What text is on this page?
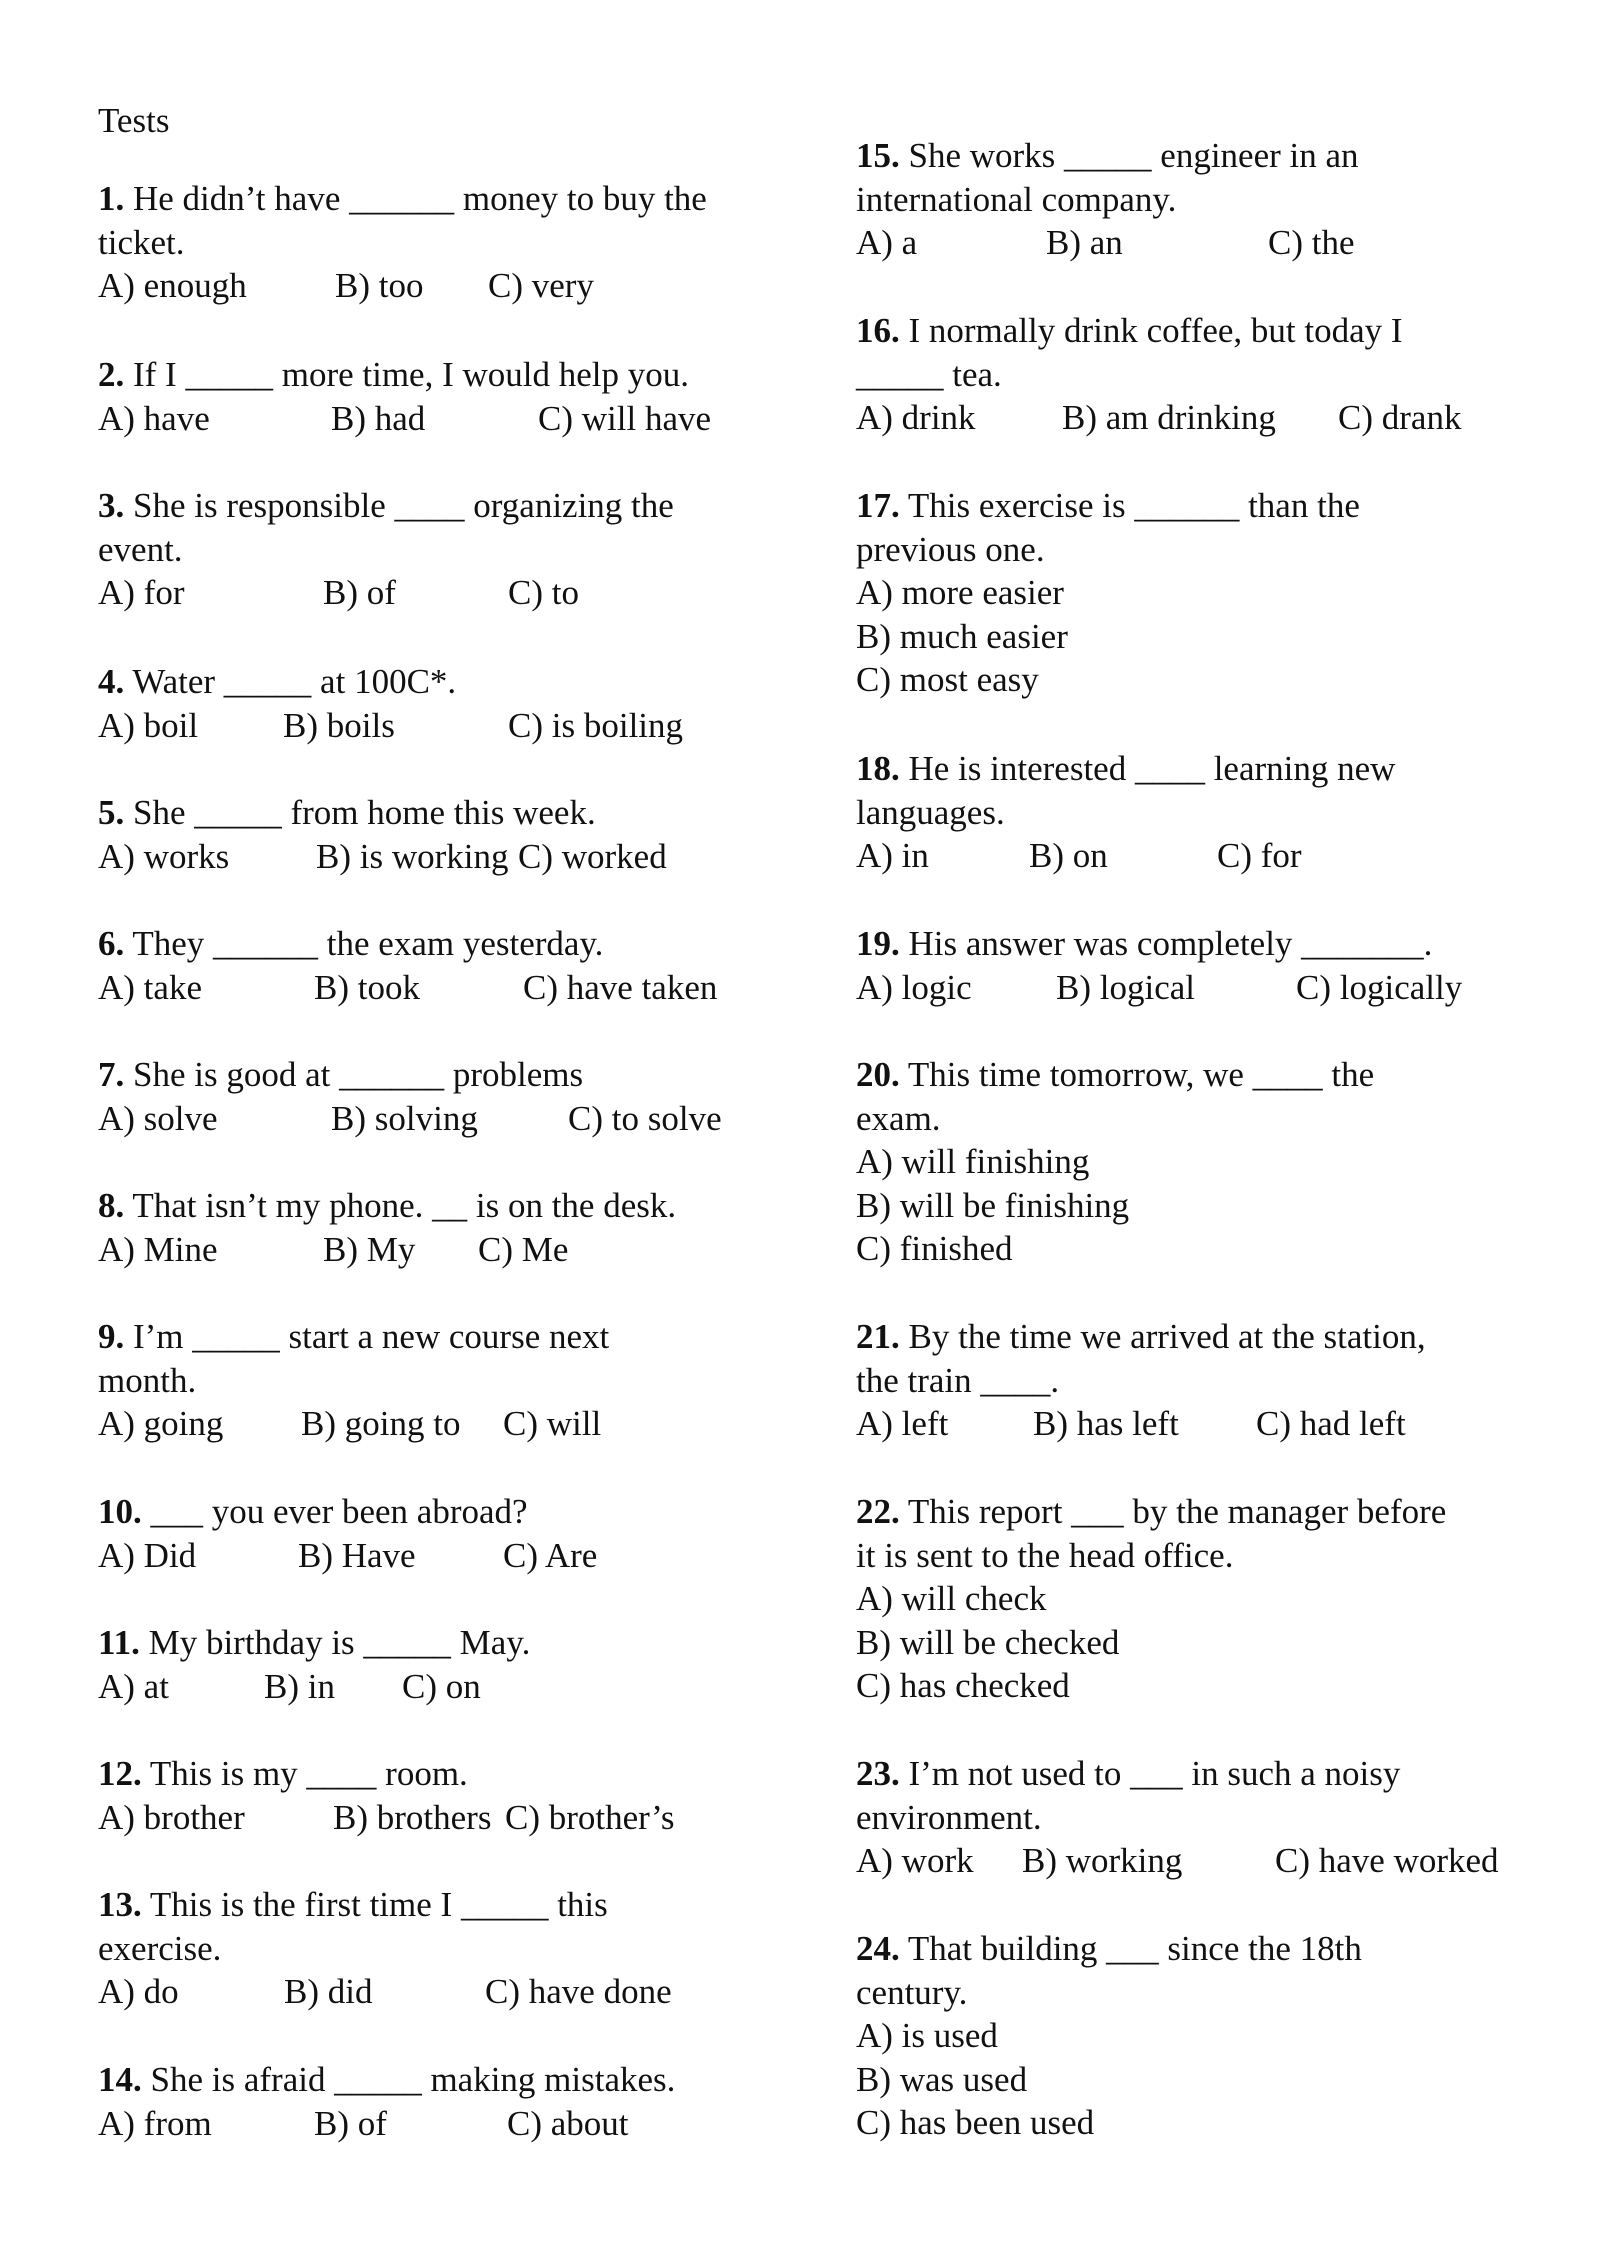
Tests

1. He didn’t have ______ money to buy the

ticket.

A) enough	B) too C) very

2. If I _____ more time, I would help you.

A) have	B) had	C) will have

3. She is responsible ____ organizing the

event.

A) for	B) of	C) to

4. Water _____ at 100C*.

A) boil B) boils	C) is boiling

5. She _____ from home this week.

A) works B) is working C) worked

6. They ______ the exam yesterday.

A) take	B) took	C) have taken

7. She is good at ______ problems

A) solve	B) solving	C) to solve

8. That isn’t my phone. __ is on the desk.

A) Mine	B) My C) Me

9. I’m _____ start a new course next

month.

A) going B) going to C) will

10. ___ you ever been abroad?

A) Did	B) Have C) Are

11. My birthday is _____ May.

A) at	B) in C) on

12. This is my ____ room.

A) brother	B) brothers C) brother’s

13. This is the first time I _____ this

exercise.

A) do	B) did	C) have done

14. She is afraid _____ making mistakes.

A) from	B) of	C) about

15. She works _____ engineer in an

international company.

A) a	B) an	C) the

16. I normally drink coffee, but today I

_____ tea.

A) drink B) am drinking C) drank

17. This exercise is ______ than the

previous one.

A) more easier
B) much easier
C) most easy

18. He is interested ____ learning new

languages.

A) in	B) on	C) for

19. His answer was completely _______.

A) logic B) logical	C) logically

20. This time tomorrow, we ____ the

exam.

A) will finishing
B) will be finishing
C) finished

21. By the time we arrived at the station,

the train ____.

A) left B) has left C) had left

22. This report ___ by the manager before

it is sent to the head office.

A) will check
B) will be checked
C) has checked

23. I’m not used to ___ in such a noisy

environment.

A) work B) working	C) have worked

24. That building ___ since the 18th

century.

A) is used
B) was used
C) has been used
